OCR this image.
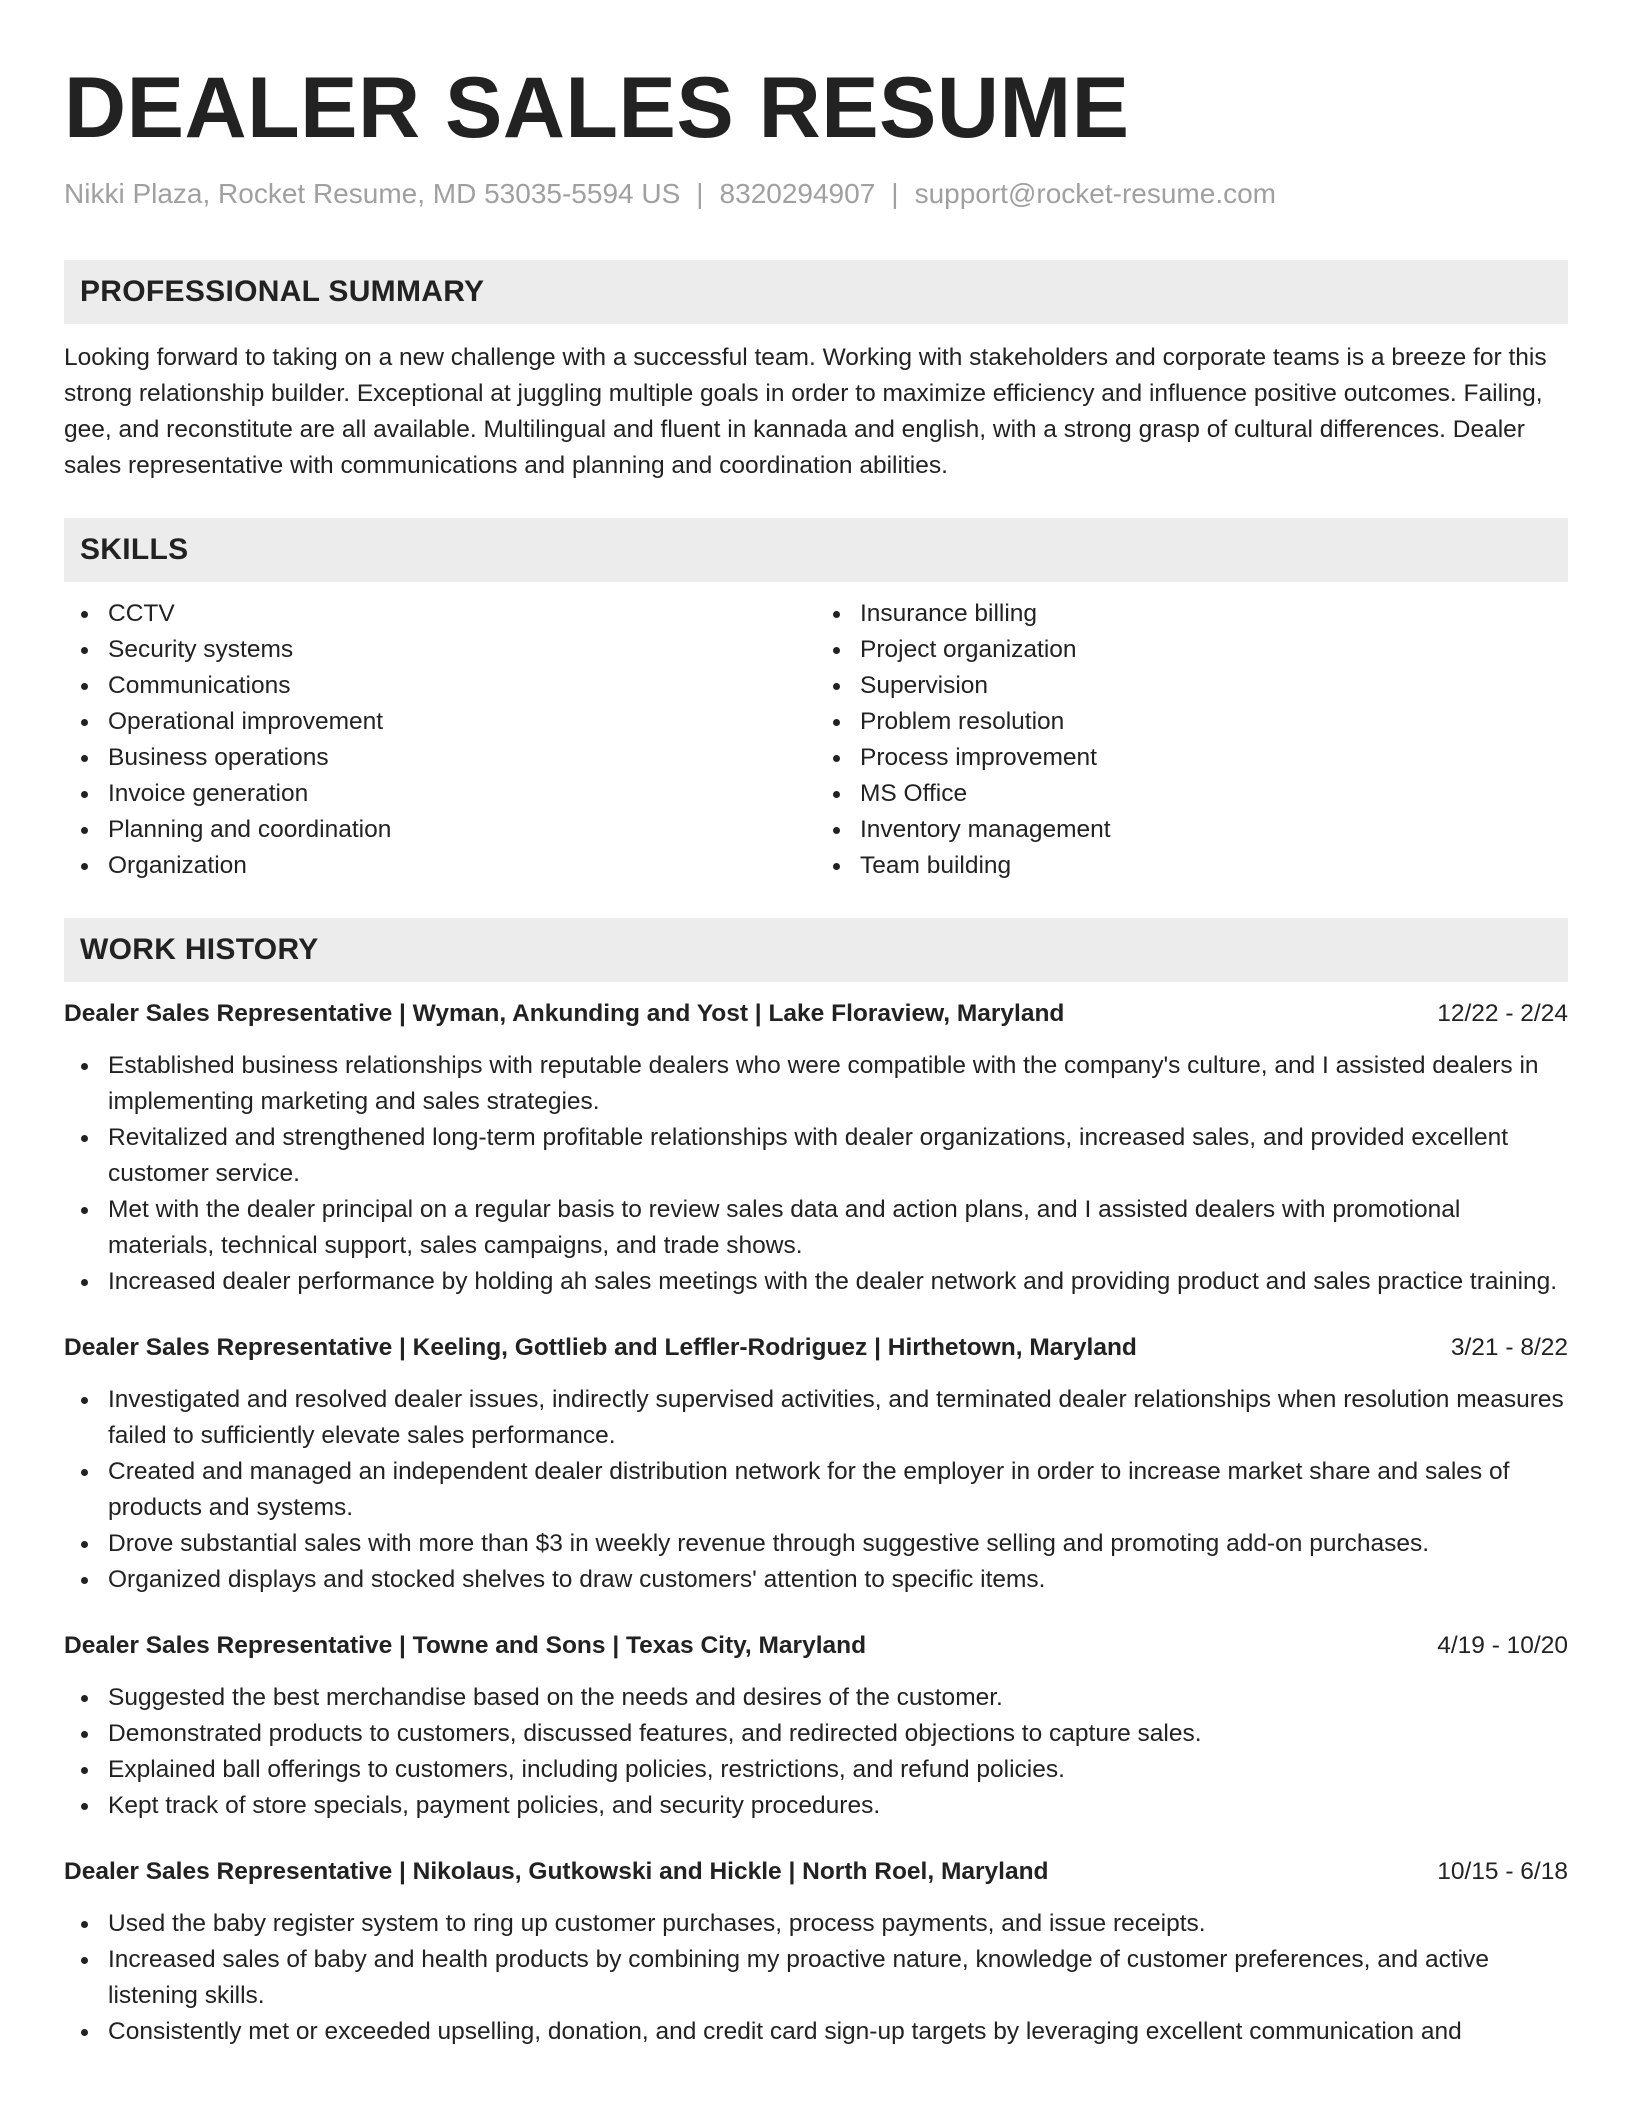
DEALER SALES RESUME
Nikki Plaza, Rocket Resume, MD 53035-5594 US | 8320294907 | support@rocket-resume.com
PROFESSIONAL SUMMARY

Looking forward to taking on a new challenge with a successful team. Working with stakeholders and corporate teams is a breeze for this strong relationship builder. Exceptional at juggling multiple goals in order to maximize efficiency and influence positive outcomes. Failing, gee, and reconstitute are all available. Multilingual and fluent in kannada and english, with a strong grasp of cultural differences. Dealer sales representative with communications and planning and coordination abilities.

SKILLS
CCTV
Security systems
Communications
Operational improvement
Business operations
Invoice generation
Planning and coordination
Organization
Insurance billing
Project organization
Supervision
Problem resolution
Process improvement
MS Office
Inventory management
Team building
WORK HISTORY
Dealer Sales Representative | Wyman, Ankunding and Yost | Lake Floraview, Maryland	12/22 - 2/24
Established business relationships with reputable dealers who were compatible with the company's culture, and I assisted dealers in implementing marketing and sales strategies.
Revitalized and strengthened long-term profitable relationships with dealer organizations, increased sales, and provided excellent customer service.
Met with the dealer principal on a regular basis to review sales data and action plans, and I assisted dealers with promotional materials, technical support, sales campaigns, and trade shows.
Increased dealer performance by holding ah sales meetings with the dealer network and providing product and sales practice training.
Dealer Sales Representative | Keeling, Gottlieb and Leffler-Rodriguez | Hirthetown, Maryland	3/21 - 8/22
Investigated and resolved dealer issues, indirectly supervised activities, and terminated dealer relationships when resolution measures failed to sufficiently elevate sales performance.
Created and managed an independent dealer distribution network for the employer in order to increase market share and sales of products and systems.
Drove substantial sales with more than $3 in weekly revenue through suggestive selling and promoting add-on purchases.
Organized displays and stocked shelves to draw customers' attention to specific items.
Dealer Sales Representative | Towne and Sons | Texas City, Maryland	4/19 - 10/20
Suggested the best merchandise based on the needs and desires of the customer.
Demonstrated products to customers, discussed features, and redirected objections to capture sales.
Explained ball offerings to customers, including policies, restrictions, and refund policies.
Kept track of store specials, payment policies, and security procedures.
Dealer Sales Representative | Nikolaus, Gutkowski and Hickle | North Roel, Maryland	10/15 - 6/18
Used the baby register system to ring up customer purchases, process payments, and issue receipts.
Increased sales of baby and health products by combining my proactive nature, knowledge of customer preferences, and active listening skills.
Consistently met or exceeded upselling, donation, and credit card sign-up targets by leveraging excellent communication and
